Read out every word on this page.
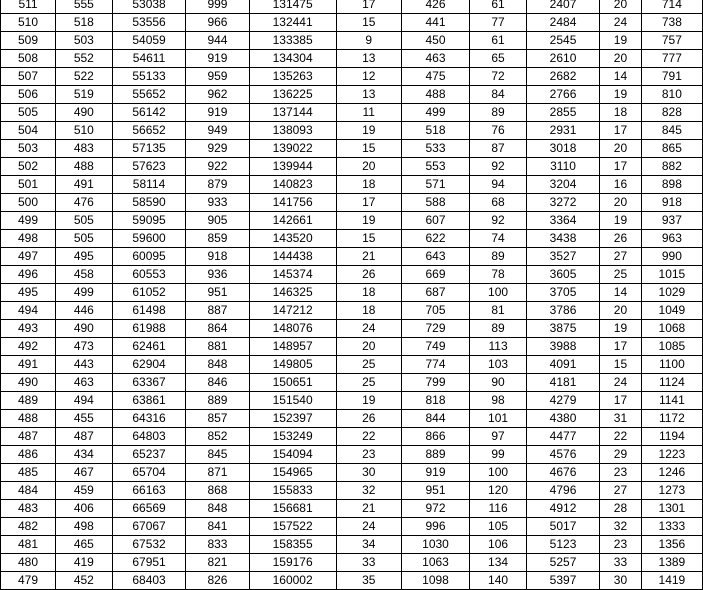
511	555	53038	999	131475	17	426	61	2407	20	714
510	518	53556	966	132441	15	441	77	2484	24	738
509	503	54059	944	133385	9	450	61	2545	19	757
508	552	54611	919	134304	13	463	65	2610	20	777
507	522	55133	959	135263	12	475	72	2682	14	791
506	519	55652	962	136225	13	488	84	2766	19	810
505	490	56142	919	137144	11	499	89	2855	18	828
504	510	56652	949	138093	19	518	76	2931	17	845
503	483	57135	929	139022	15	533	87	3018	20	865
502	488	57623	922	139944	20	553	92	3110	17	882
501	491	58114	879	140823	18	571	94	3204	16	898
500	476	58590	933	141756	17	588	68	3272	20	918
499	505	59095	905	142661	19	607	92	3364	19	937
498	505	59600	859	143520	15	622	74	3438	26	963
497	495	60095	918	144438	21	643	89	3527	27	990
496	458	60553	936	145374	26	669	78	3605	25	1015
495	499	61052	951	146325	18	687	100	3705	14	1029
494	446	61498	887	147212	18	705	81	3786	20	1049
493	490	61988	864	148076	24	729	89	3875	19	1068
492	473	62461	881	148957	20	749	113	3988	17	1085
491	443	62904	848	149805	25	774	103	4091	15	1100
490	463	63367	846	150651	25	799	90	4181	24	1124
489	494	63861	889	151540	19	818	98	4279	17	1141
488	455	64316	857	152397	26	844	101	4380	31	1172
487	487	64803	852	153249	22	866	97	4477	22	1194
486	434	65237	845	154094	23	889	99	4576	29	1223
485	467	65704	871	154965	30	919	100	4676	23	1246
484	459	66163	868	155833	32	951	120	4796	27	1273
483	406	66569	848	156681	21	972	116	4912	28	1301
482	498	67067	841	157522	24	996	105	5017	32	1333
481	465	67532	833	158355	34	1030	106	5123	23	1356
480	419	67951	821	159176	33	1063	134	5257	33	1389
479	452	68403	826	160002	35	1098	140	5397	30	1419
